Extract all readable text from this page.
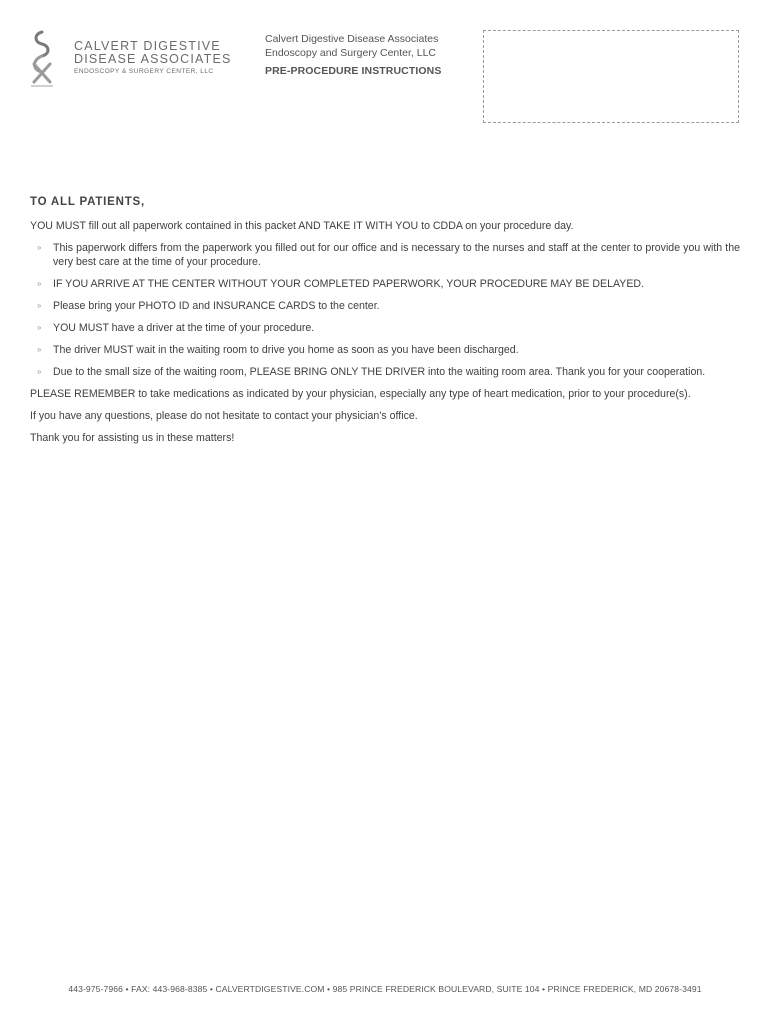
CALVERT DIGESTIVE
DISEASE ASSOCIATES
ENDOSCOPY & SURGERY CENTER, LLC
Calvert Digestive Disease Associates
Endoscopy and Surgery Center, LLC
PRE-PROCEDURE INSTRUCTIONS
TO ALL PATIENTS,

YOU MUST fill out all paperwork contained in this packet AND TAKE IT WITH YOU to CDDA on your procedure day.

» This paperwork differs from the paperwork you filled out for our office and is necessary to the nurses and staff at the center to provide you with the very best care at the time of your procedure.
» IF YOU ARRIVE AT THE CENTER WITHOUT YOUR COMPLETED PAPERWORK, YOUR PROCEDURE MAY BE DELAYED.
» Please bring your PHOTO ID and INSURANCE CARDS to the center.
» YOU MUST have a driver at the time of your procedure.
» The driver MUST wait in the waiting room to drive you home as soon as you have been discharged.
» Due to the small size of the waiting room, PLEASE BRING ONLY THE DRIVER into the waiting room area. Thank you for your cooperation.

PLEASE REMEMBER to take medications as indicated by your physician, especially any type of heart medication, prior to your procedure(s).

If you have any questions, please do not hesitate to contact your physician’s office.

Thank you for assisting us in these matters!

443-975-7966 • FAX: 443-968-8385 • CALVERTDIGESTIVE.COM • 985 PRINCE FREDERICK BOULEVARD, SUITE 104 • PRINCE FREDERICK, MD 20678-3491
